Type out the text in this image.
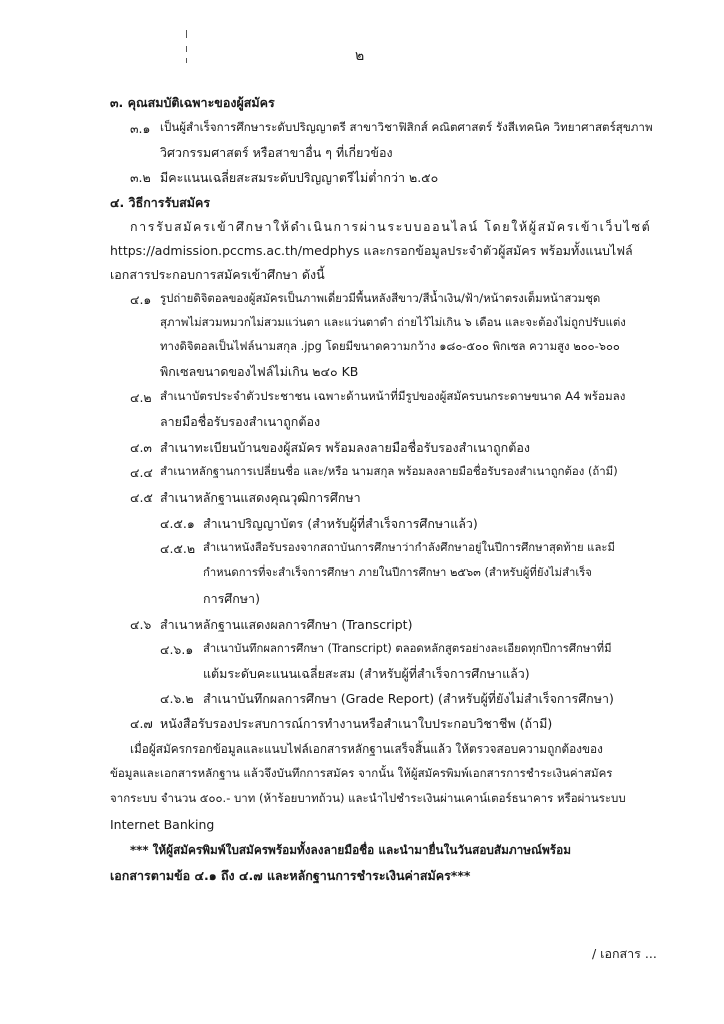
๒
๓. คุณสมบัติเฉพาะของผู้สมัคร
๓.๑ เป็นผู้สำเร็จการศึกษาระดับปริญญาตรี สาขาวิชาฟิสิกส์ คณิตศาสตร์ รังสีเทคนิค วิทยาศาสตร์สุขภาพ
วิศวกรรมศาสตร์ หรือสาขาอื่น ๆ ที่เกี่ยวข้อง
๓.๒ มีคะแนนเฉลี่ยสะสมระดับปริญญาตรีไม่ต่ำกว่า ๒.๕๐
๔. วิธีการรับสมัคร
การรับสมัครเข้าศึกษาให้ดำเนินการผ่านระบบออนไลน์ โดยให้ผู้สมัครเข้าเว็บไซต์
https://admission.pccms.ac.th/medphys และกรอกข้อมูลประจำตัวผู้สมัคร พร้อมทั้งแนบไฟล์
เอกสารประกอบการสมัครเข้าศึกษา ดังนี้
๔.๑ รูปถ่ายดิจิตอลของผู้สมัครเป็นภาพเดี่ยวมีพื้นหลังสีขาว/สีน้ำเงิน/ฟ้า/หน้าตรงเต็มหน้าสวมชุด
สุภาพไม่สวมหมวกไม่สวมแว่นตา และแว่นตาดำ ถ่ายไว้ไม่เกิน ๖ เดือน และจะต้องไม่ถูกปรับแต่ง
ทางดิจิตอลเป็นไฟล์นามสกุล .jpg โดยมีขนาดความกว้าง ๑๘๐-๕๐๐ พิกเซล ความสูง ๒๐๐-๖๐๐
พิกเซลขนาดของไฟล์ไม่เกิน ๒๔๐ KB
๔.๒ สำเนาบัตรประจำตัวประชาชน เฉพาะด้านหน้าที่มีรูปของผู้สมัครบนกระดาษขนาด A4 พร้อมลง
ลายมือชื่อรับรองสำเนาถูกต้อง
๔.๓ สำเนาทะเบียนบ้านของผู้สมัคร พร้อมลงลายมือชื่อรับรองสำเนาถูกต้อง
๔.๔ สำเนาหลักฐานการเปลี่ยนชื่อ และ/หรือ นามสกุล พร้อมลงลายมือชื่อรับรองสำเนาถูกต้อง (ถ้ามี)
๔.๕ สำเนาหลักฐานแสดงคุณวุฒิการศึกษา
๔.๕.๑ สำเนาปริญญาบัตร (สำหรับผู้ที่สำเร็จการศึกษาแล้ว)
๔.๕.๒ สำเนาหนังสือรับรองจากสถาบันการศึกษาว่ากำลังศึกษาอยู่ในปีการศึกษาสุดท้าย และมี
กำหนดการที่จะสำเร็จการศึกษา ภายในปีการศึกษา ๒๕๖๓ (สำหรับผู้ที่ยังไม่สำเร็จ
การศึกษา)
๔.๖ สำเนาหลักฐานแสดงผลการศึกษา (Transcript)
๔.๖.๑ สำเนาบันทึกผลการศึกษา (Transcript) ตลอดหลักสูตรอย่างละเอียดทุกปีการศึกษาที่มี
แต้มระดับคะแนนเฉลี่ยสะสม (สำหรับผู้ที่สำเร็จการศึกษาแล้ว)
๔.๖.๒ สำเนาบันทึกผลการศึกษา (Grade Report) (สำหรับผู้ที่ยังไม่สำเร็จการศึกษา)
๔.๗ หนังสือรับรองประสบการณ์การทำงานหรือสำเนาใบประกอบวิชาชีพ (ถ้ามี)
เมื่อผู้สมัครกรอกข้อมูลและแนบไฟล์เอกสารหลักฐานเสร็จสิ้นแล้ว ให้ตรวจสอบความถูกต้องของ
ข้อมูลและเอกสารหลักฐาน แล้วจึงบันทึกการสมัคร จากนั้น ให้ผู้สมัครพิมพ์เอกสารการชำระเงินค่าสมัคร
จากระบบ จำนวน ๕๐๐.- บาท (ห้าร้อยบาทถ้วน) และนำไปชำระเงินผ่านเคาน์เตอร์ธนาคาร หรือผ่านระบบ
Internet Banking
*** ให้ผู้สมัครพิมพ์ใบสมัครพร้อมทั้งลงลายมือชื่อ และนำมายื่นในวันสอบสัมภาษณ์พร้อม
เอกสารตามข้อ ๔.๑ ถึง ๔.๗ และหลักฐานการชำระเงินค่าสมัคร***
/ เอกสาร ...
